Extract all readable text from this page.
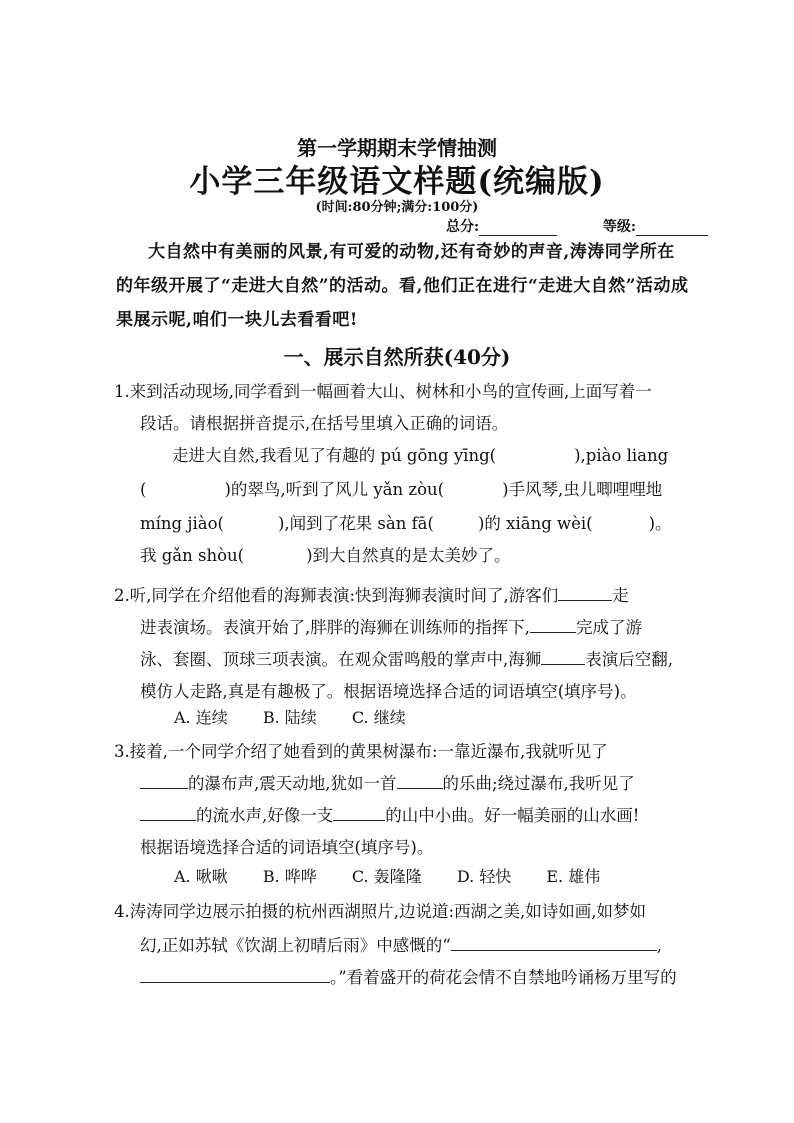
第一学期期末学情抽测
小学三年级语文样题(统编版)
(时间:80分钟;满分:100分)
总分:	等级:
大自然中有美丽的风景,有可爱的动物,还有奇妙的声音,涛涛同学所在
的年级开展了“走进大自然”的活动。看,他们正在进行“走进大自然”活动成
果展示呢,咱们一块儿去看看吧!
一、展示自然所获(40分)
1.来到活动现场,同学看到一幅画着大山、树林和小鸟的宣传画,上面写着一
段话。请根据拼音提示,在括号里填入正确的词语。
走进大自然,我看见了有趣的 pú gōng yīng(	),piào liang
(	)的翠鸟,听到了风儿 yǎn zòu(	)手风琴,虫儿唧哩哩地
míng jiào(	),闻到了花果 sàn fā(	)的 xiāng wèi(	)。
我 gǎn shòu(	)到大自然真的是太美妙了。
2.听,同学在介绍他看的海狮表演:快到海狮表演时间了,游客们	走
进表演场。表演开始了,胖胖的海狮在训练师的指挥下,	完成了游
泳、套圈、顶球三项表演。在观众雷鸣般的掌声中,海狮	表演后空翻,
模仿人走路,真是有趣极了。根据语境选择合适的词语填空(填序号)。
A. 连续 B. 陆续 C. 继续
3.接着,一个同学介绍了她看到的黄果树瀑布:一靠近瀑布,我就听见了
的瀑布声,震天动地,犹如一首	的乐曲;绕过瀑布,我听见了
的流水声,好像一支	的山中小曲。好一幅美丽的山水画!
根据语境选择合适的词语填空(填序号)。
A. 啾啾 B. 哗哗 C. 轰隆隆 D. 轻快 E. 雄伟
4.涛涛同学边展示拍摄的杭州西湖照片,边说道:西湖之美,如诗如画,如梦如
幻,正如苏轼《饮湖上初晴后雨》中感慨的“	,
。”看着盛开的荷花会情不自禁地吟诵杨万里写的
